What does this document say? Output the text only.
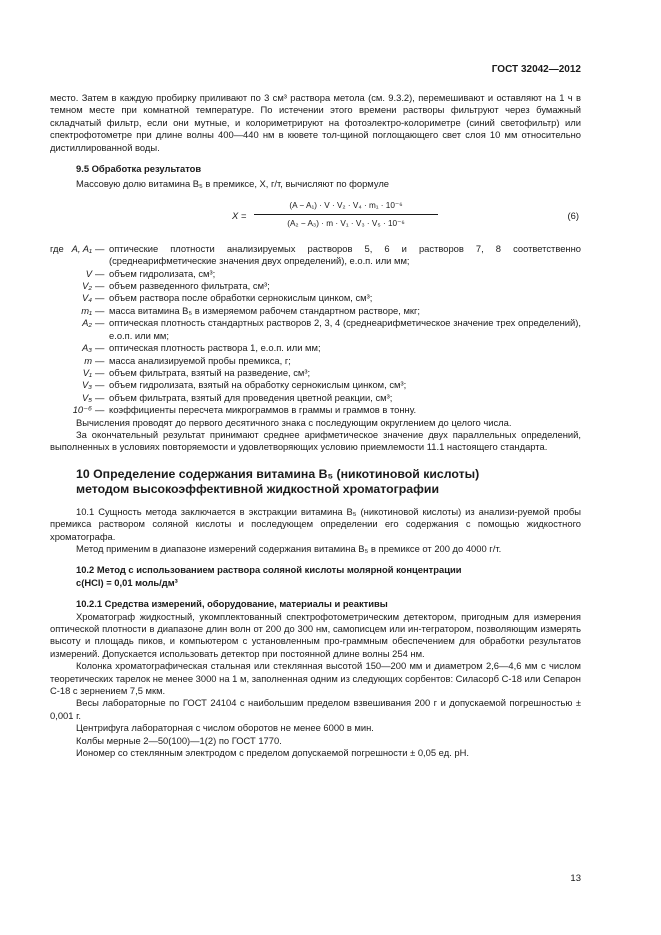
ГОСТ 32042—2012

место. Затем в каждую пробирку приливают по 3 см³ раствора метола (см. 9.3.2), перемешивают и оставляют на 1 ч в темном месте при комнатной температуре. По истечении этого времени растворы фильтруют через бумажный складчатый фильтр, если они мутные, и колориметрируют на фотоэлектро-колориметре (синий светофильтр) или спектрофотометре при длине волны 400—440 нм в кювете тол-щиной поглощающего свет слоя 10 мм относительно дистиллированной воды.

9.5 Обработка результатов

Массовую долю витамина B₅ в премиксе, X, г/т, вычисляют по формуле

$X = \frac{\text{(A − A₁) · V · V₂ · V₄ · m₁ · 10⁻⁶}}{\text{(A₂ − A₃) · m · V₁ · V₃ · V₅ · 10⁻⁶}}$	(6)
где A, A₁ — оптические плотности анализируемых растворов 5, 6 и растворов 7, 8 соответственно (среднеарифметические значения двух определений), е.о.п. или мм;
V — объем гидролизата, см³;
V₂ — объем разведенного фильтрата, см³;
V₄ — объем раствора после обработки сернокислым цинком, см³;
m₁ — масса витамина B₅ в измеряемом рабочем стандартном растворе, мкг;
A₂ — оптическая плотность стандартных растворов 2, 3, 4 (среднеарифметическое значение трех определений), е.о.п. или мм;
A₃ — оптическая плотность раствора 1, е.о.п. или мм;
m — масса анализируемой пробы премикса, г;
V₁ — объем фильтрата, взятый на разведение, см³;
V₃ — объем гидролизата, взятый на обработку сернокислым цинком, см³;
V₅ — объем фильтрата, взятый для проведения цветной реакции, см³;
10⁻⁶ — коэффициенты пересчета микрограммов в граммы и граммов в тонну.

Вычисления проводят до первого десятичного знака с последующим округлением до целого числа.

За окончательный результат принимают среднее арифметическое значение двух параллельных определений, выполненных в условиях повторяемости и удовлетворяющих условию приемлемости 11.1 настоящего стандарта.

10 Определение содержания витамина B₅ (никотиновой кислоты)
методом высокоэффективной жидкостной хроматографии

10.1 Сущность метода заключается в экстракции витамина B₅ (никотиновой кислоты) из анализи-руемой пробы премикса раствором соляной кислоты и последующем определении его содержания с помощью жидкостного хроматографа.

Метод применим в диапазоне измерений содержания витамина B₅ в премиксе от 200 до 4000 г/т.

10.2 Метод с использованием раствора соляной кислоты молярной концентрации
c(HCl) = 0,01 моль/дм³

10.2.1 Средства измерений, оборудование, материалы и реактивы

Хроматограф жидкостный, укомплектованный спектрофотометрическим детектором, пригодным для измерения оптической плотности в диапазоне длин волн от 200 до 300 нм, самописцем или ин-тегратором, позволяющим измерять высоту и площадь пиков, и компьютером с установленным про-граммным обеспечением для обработки результатов измерений. Допускается использовать детектор при постоянной длине волны 254 нм.

Колонка хроматографическая стальная или стеклянная высотой 150—200 мм и диаметром 2,6—4,6 мм с числом теоретических тарелок не менее 3000 на 1 м, заполненная одним из следующих сорбентов: Силасорб С-18 или Сепарон С-18 с зернением 7,5 мкм.

Весы лабораторные по ГОСТ 24104 с наибольшим пределом взвешивания 200 г и допускаемой погрешностью ± 0,001 г.

Центрифуга лабораторная с числом оборотов не менее 6000 в мин.

Колбы мерные 2—50(100)—1(2) по ГОСТ 1770.

Иономер со стеклянным электродом с пределом допускаемой погрешности ± 0,05 ед. рН.

13
